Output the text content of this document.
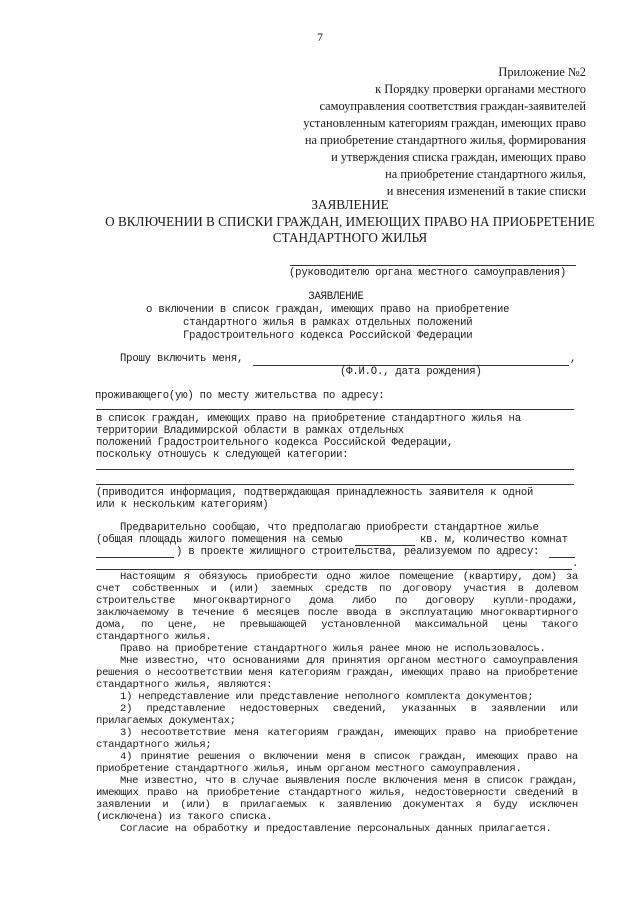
7
Приложение №2
к Порядку проверки органами местного
самоуправления соответствия граждан-заявителей
установленным категориям граждан, имеющих право
на приобретение стандартного жилья, формирования
и утверждения списка граждан, имеющих право
на приобретение стандартного жилья,
и внесения изменений в такие списки
ЗАЯВЛЕНИЕ
О ВКЛЮЧЕНИИ В СПИСКИ ГРАЖДАН, ИМЕЮЩИХ ПРАВО НА ПРИОБРЕТЕНИЕ
СТАНДАРТНОГО ЖИЛЬЯ
(руководителю органа местного самоуправления)
ЗАЯВЛЕНИЕ
о включении в список граждан, имеющих право на приобретение
стандартного жилья в рамках отдельных положений
Градостроительного кодекса Российской Федерации
Прошу включить меня,	,
(Ф.И.О., дата рождения)
проживающего(ую) по месту жительства по адресу:
в список граждан, имеющих право на приобретение стандартного жилья на
территории Владимирской области в рамках отдельных
положений Градостроительного кодекса Российской Федерации,
поскольку отношусь к следующей категории:
(приводится информация, подтверждающая принадлежность заявителя к одной
или к нескольким категориям)
Предварительно сообщаю, что предполагаю приобрести стандартное жилье
(общая площадь жилого помещения на семью	кв. м, количество комнат
) в проекте жилищного строительства, реализуемом по адресу:
.

Настоящим я обязуюсь приобрести одно жилое помещение (квартиру, дом) за счет собственных и (или) заемных средств по договору участия в долевом строительстве многоквартирного дома либо по договору купли-продажи, заключаемому в течение 6 месяцев после ввода в эксплуатацию многоквартирного дома, по цене, не превышающей установленной максимальной цены такого стандартного жилья.

Право на приобретение стандартного жилья ранее мною не использовалось.

Мне известно, что основаниями для принятия органом местного самоуправления решения о несоответствии меня категориям граждан, имеющих право на приобретение стандартного жилья, являются:

1) непредставление или представление неполного комплекта документов;

2) представление недостоверных сведений, указанных в заявлении или прилагаемых документах;

3) несоответствие меня категориям граждан, имеющих право на приобретение стандартного жилья;

4) принятие решения о включении меня в список граждан, имеющих право на приобретение стандартного жилья, иным органом местного самоуправления.

Мне известно, что в случае выявления после включения меня в список граждан, имеющих право на приобретение стандартного жилья, недостоверности сведений в заявлении и (или) в прилагаемых к заявлению документах я буду исключен (исключена) из такого списка.

Согласие на обработку и предоставление персональных данных прилагается.
